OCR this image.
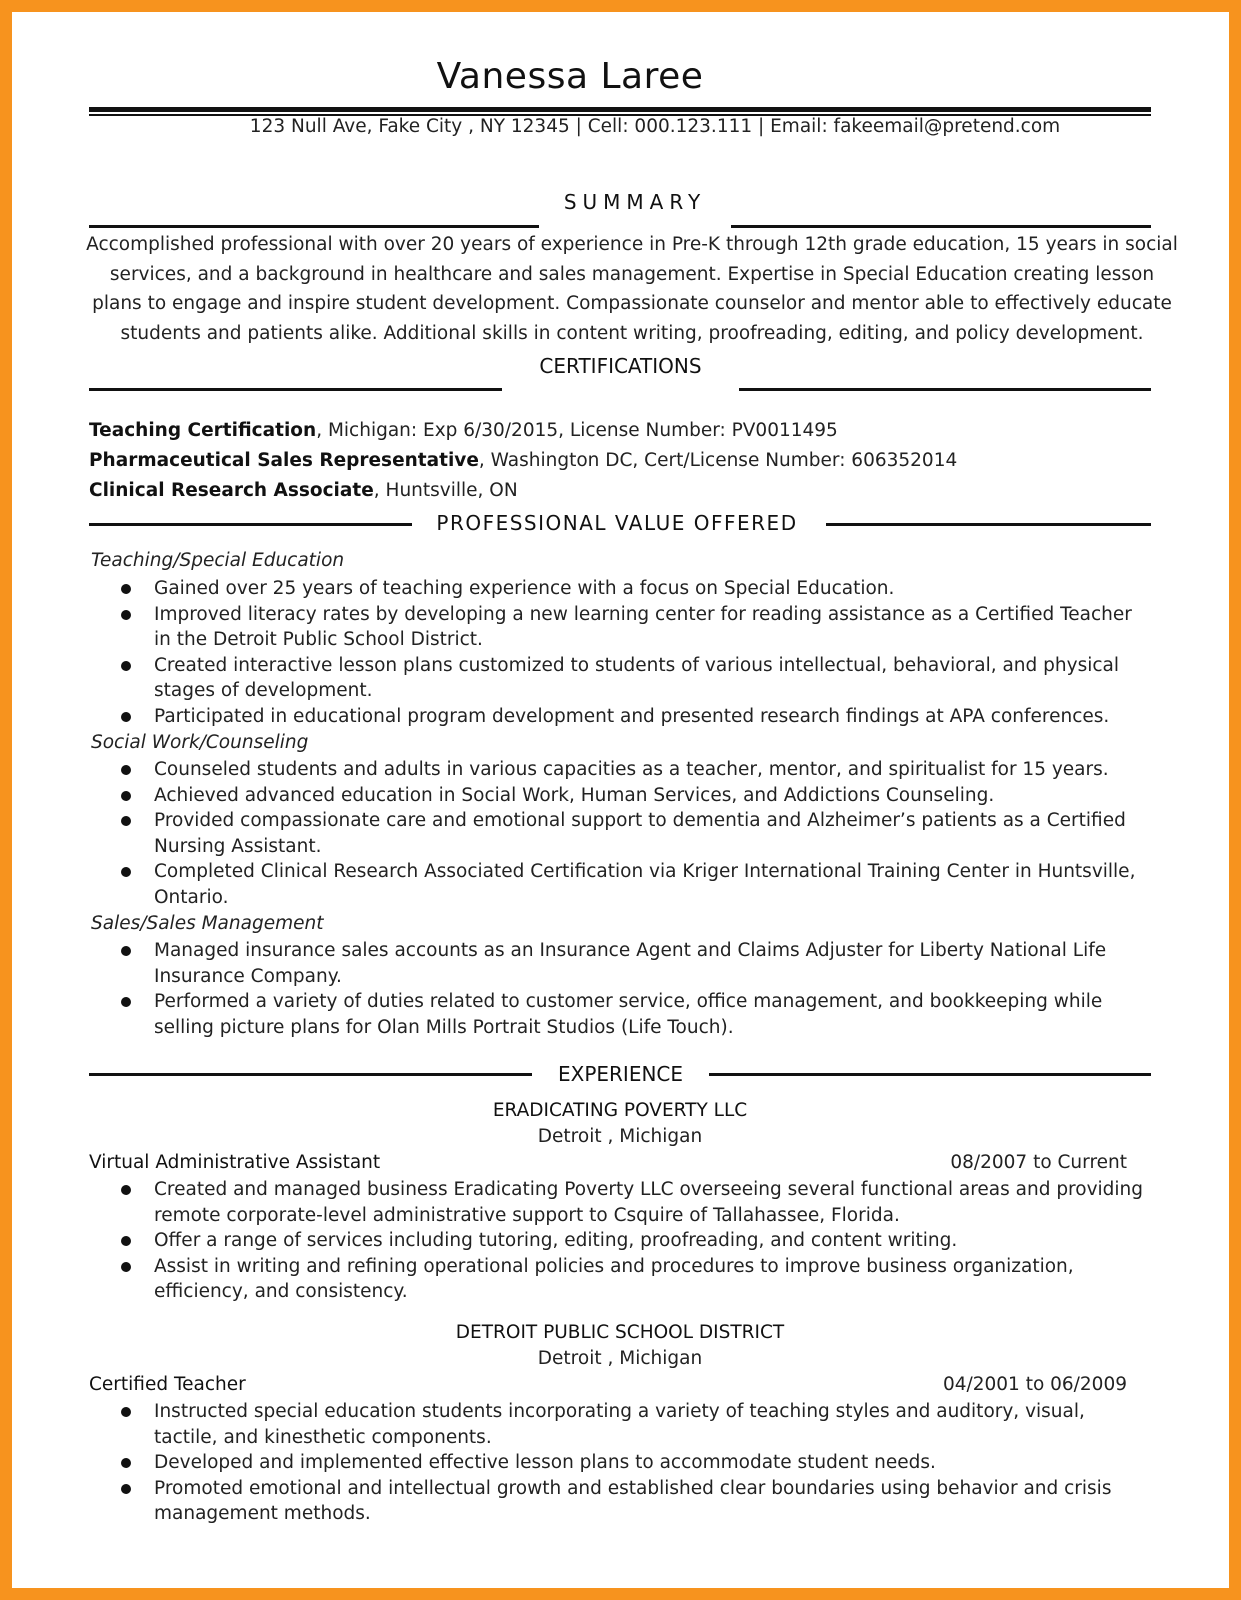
Vanessa Laree
123 Null Ave, Fake City , NY 12345 | Cell: 000.123.111 | Email: fakeemail@pretend.com
SUMMARY
Accomplished professional with over 20 years of experience in Pre-K through 12th grade education, 15 years in social services, and a background in healthcare and sales management. Expertise in Special Education creating lesson plans to engage and inspire student development. Compassionate counselor and mentor able to effectively educate students and patients alike. Additional skills in content writing, proofreading, editing, and policy development.
CERTIFICATIONS
Teaching Certification, Michigan: Exp 6/30/2015, License Number: PV0011495
Pharmaceutical Sales Representative, Washington DC, Cert/License Number: 606352014
Clinical Research Associate, Huntsville, ON
PROFESSIONAL VALUE OFFERED
Teaching/Special Education
Gained over 25 years of teaching experience with a focus on Special Education.
Improved literacy rates by developing a new learning center for reading assistance as a Certified Teacher in the Detroit Public School District.
Created interactive lesson plans customized to students of various intellectual, behavioral, and physical stages of development.
Participated in educational program development and presented research findings at APA conferences.
Social Work/Counseling
Counseled students and adults in various capacities as a teacher, mentor, and spiritualist for 15 years.
Achieved advanced education in Social Work, Human Services, and Addictions Counseling.
Provided compassionate care and emotional support to dementia and Alzheimer’s patients as a Certified Nursing Assistant.
Completed Clinical Research Associated Certification via Kriger International Training Center in Huntsville, Ontario.
Sales/Sales Management
Managed insurance sales accounts as an Insurance Agent and Claims Adjuster for Liberty National Life Insurance Company.
Performed a variety of duties related to customer service, office management, and bookkeeping while selling picture plans for Olan Mills Portrait Studios (Life Touch).
EXPERIENCE
ERADICATING POVERTY LLC
Detroit , Michigan
Virtual Administrative Assistant	08/2007 to Current
Created and managed business Eradicating Poverty LLC overseeing several functional areas and providing remote corporate-level administrative support to Csquire of Tallahassee, Florida.
Offer a range of services including tutoring, editing, proofreading, and content writing.
Assist in writing and refining operational policies and procedures to improve business organization, efficiency, and consistency.
DETROIT PUBLIC SCHOOL DISTRICT
Detroit , Michigan
Certified Teacher	04/2001 to 06/2009
Instructed special education students incorporating a variety of teaching styles and auditory, visual, tactile, and kinesthetic components.
Developed and implemented effective lesson plans to accommodate student needs.
Promoted emotional and intellectual growth and established clear boundaries using behavior and crisis management methods.
